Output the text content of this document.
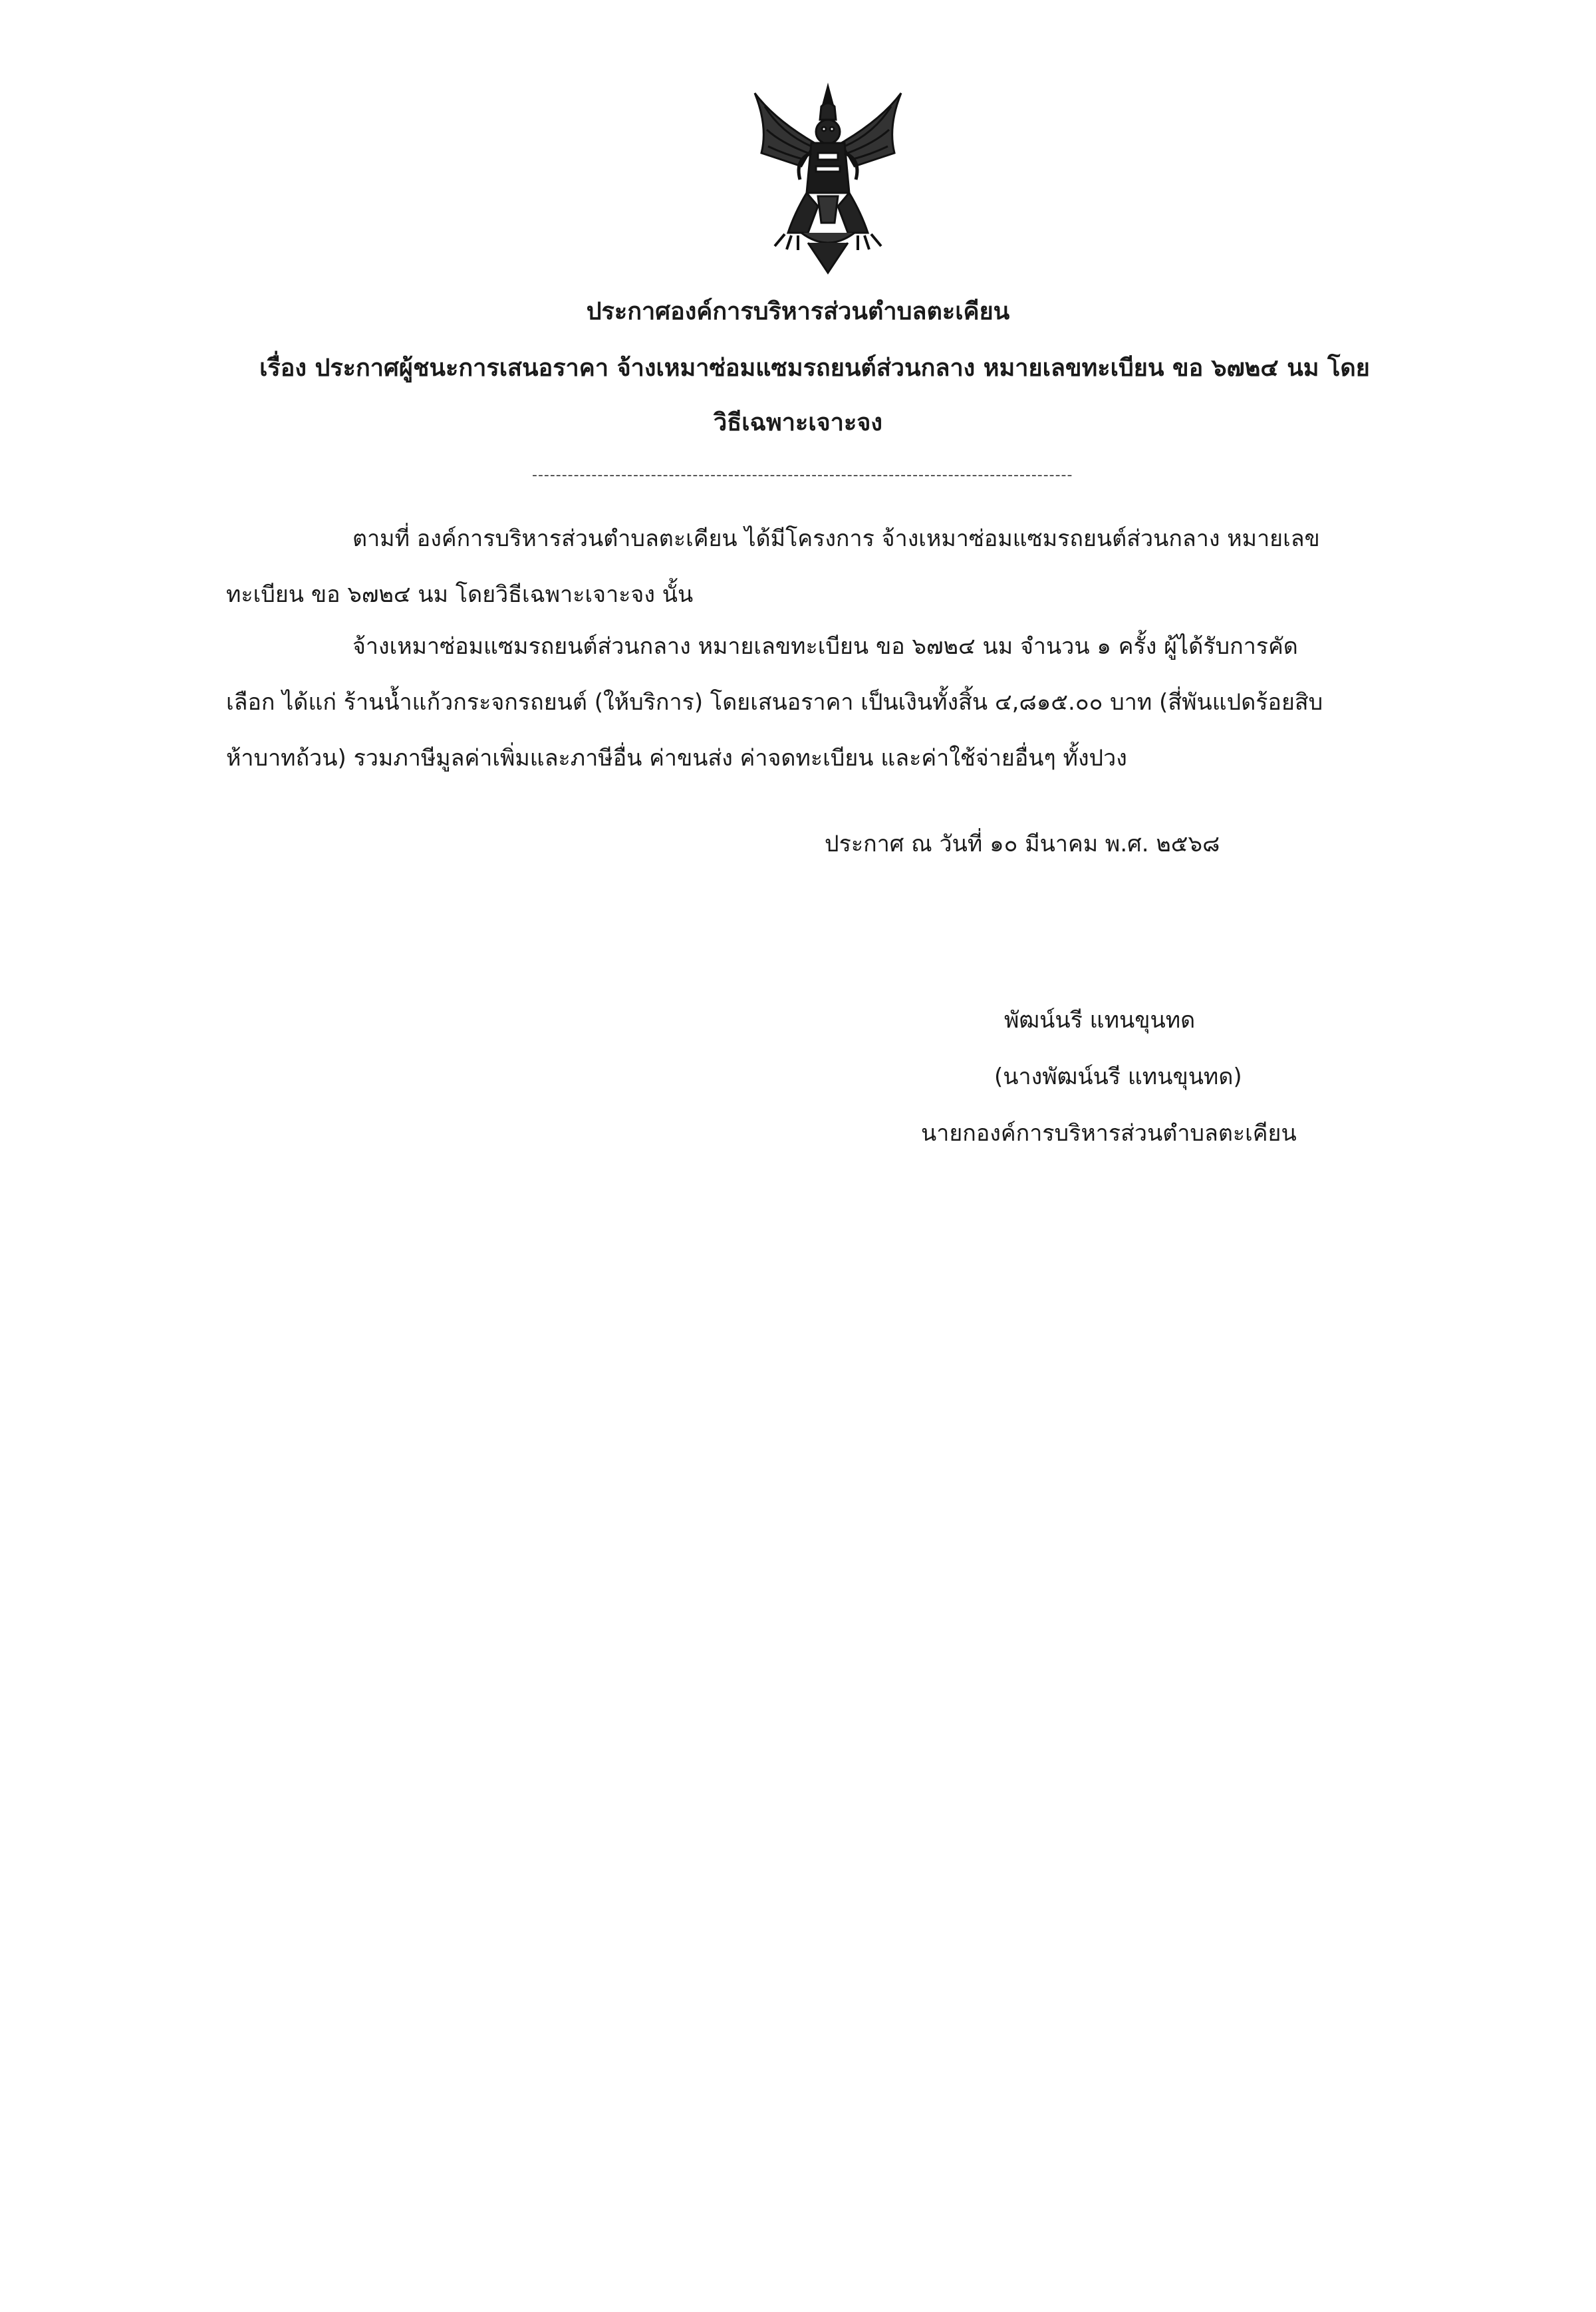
ประกาศองค์การบริหารส่วนตำบลตะเคียน
เรื่อง ประกาศผู้ชนะการเสนอราคา จ้างเหมาซ่อมแซมรถยนต์ส่วนกลาง หมายเลขทะเบียน ขอ ๖๗๒๔ นม โดย
วิธีเฉพาะเจาะจง
-------------------------------------------------------------------------------------------
ตามที่ องค์การบริหารส่วนตำบลตะเคียน ได้มีโครงการ จ้างเหมาซ่อมแซมรถยนต์ส่วนกลาง หมายเลข
ทะเบียน ขอ ๖๗๒๔ นม โดยวิธีเฉพาะเจาะจง นั้น
จ้างเหมาซ่อมแซมรถยนต์ส่วนกลาง หมายเลขทะเบียน ขอ ๖๗๒๔ นม จำนวน ๑ ครั้ง ผู้ได้รับการคัด
เลือก ได้แก่ ร้านน้ำแก้วกระจกรถยนต์ (ให้บริการ) โดยเสนอราคา เป็นเงินทั้งสิ้น ๔,๘๑๕.๐๐ บาท (สี่พันแปดร้อยสิบ
ห้าบาทถ้วน) รวมภาษีมูลค่าเพิ่มและภาษีอื่น ค่าขนส่ง ค่าจดทะเบียน และค่าใช้จ่ายอื่นๆ ทั้งปวง
ประกาศ ณ วันที่ ๑๐ มีนาคม พ.ศ. ๒๕๖๘
พัฒน์นรี แทนขุนทด
(นางพัฒน์นรี แทนขุนทด)
นายกองค์การบริหารส่วนตำบลตะเคียน
